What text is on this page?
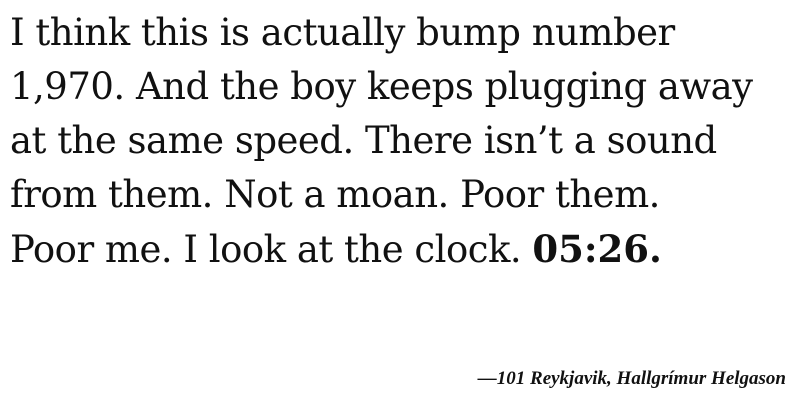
I think this is actually bump number
1,970. And the boy keeps plugging away
at the same speed. There isn’t a sound
from them. Not a moan. Poor them.
Poor me. I look at the clock. 05:26.

—101 Reykjavik, Hallgrímur Helgason
